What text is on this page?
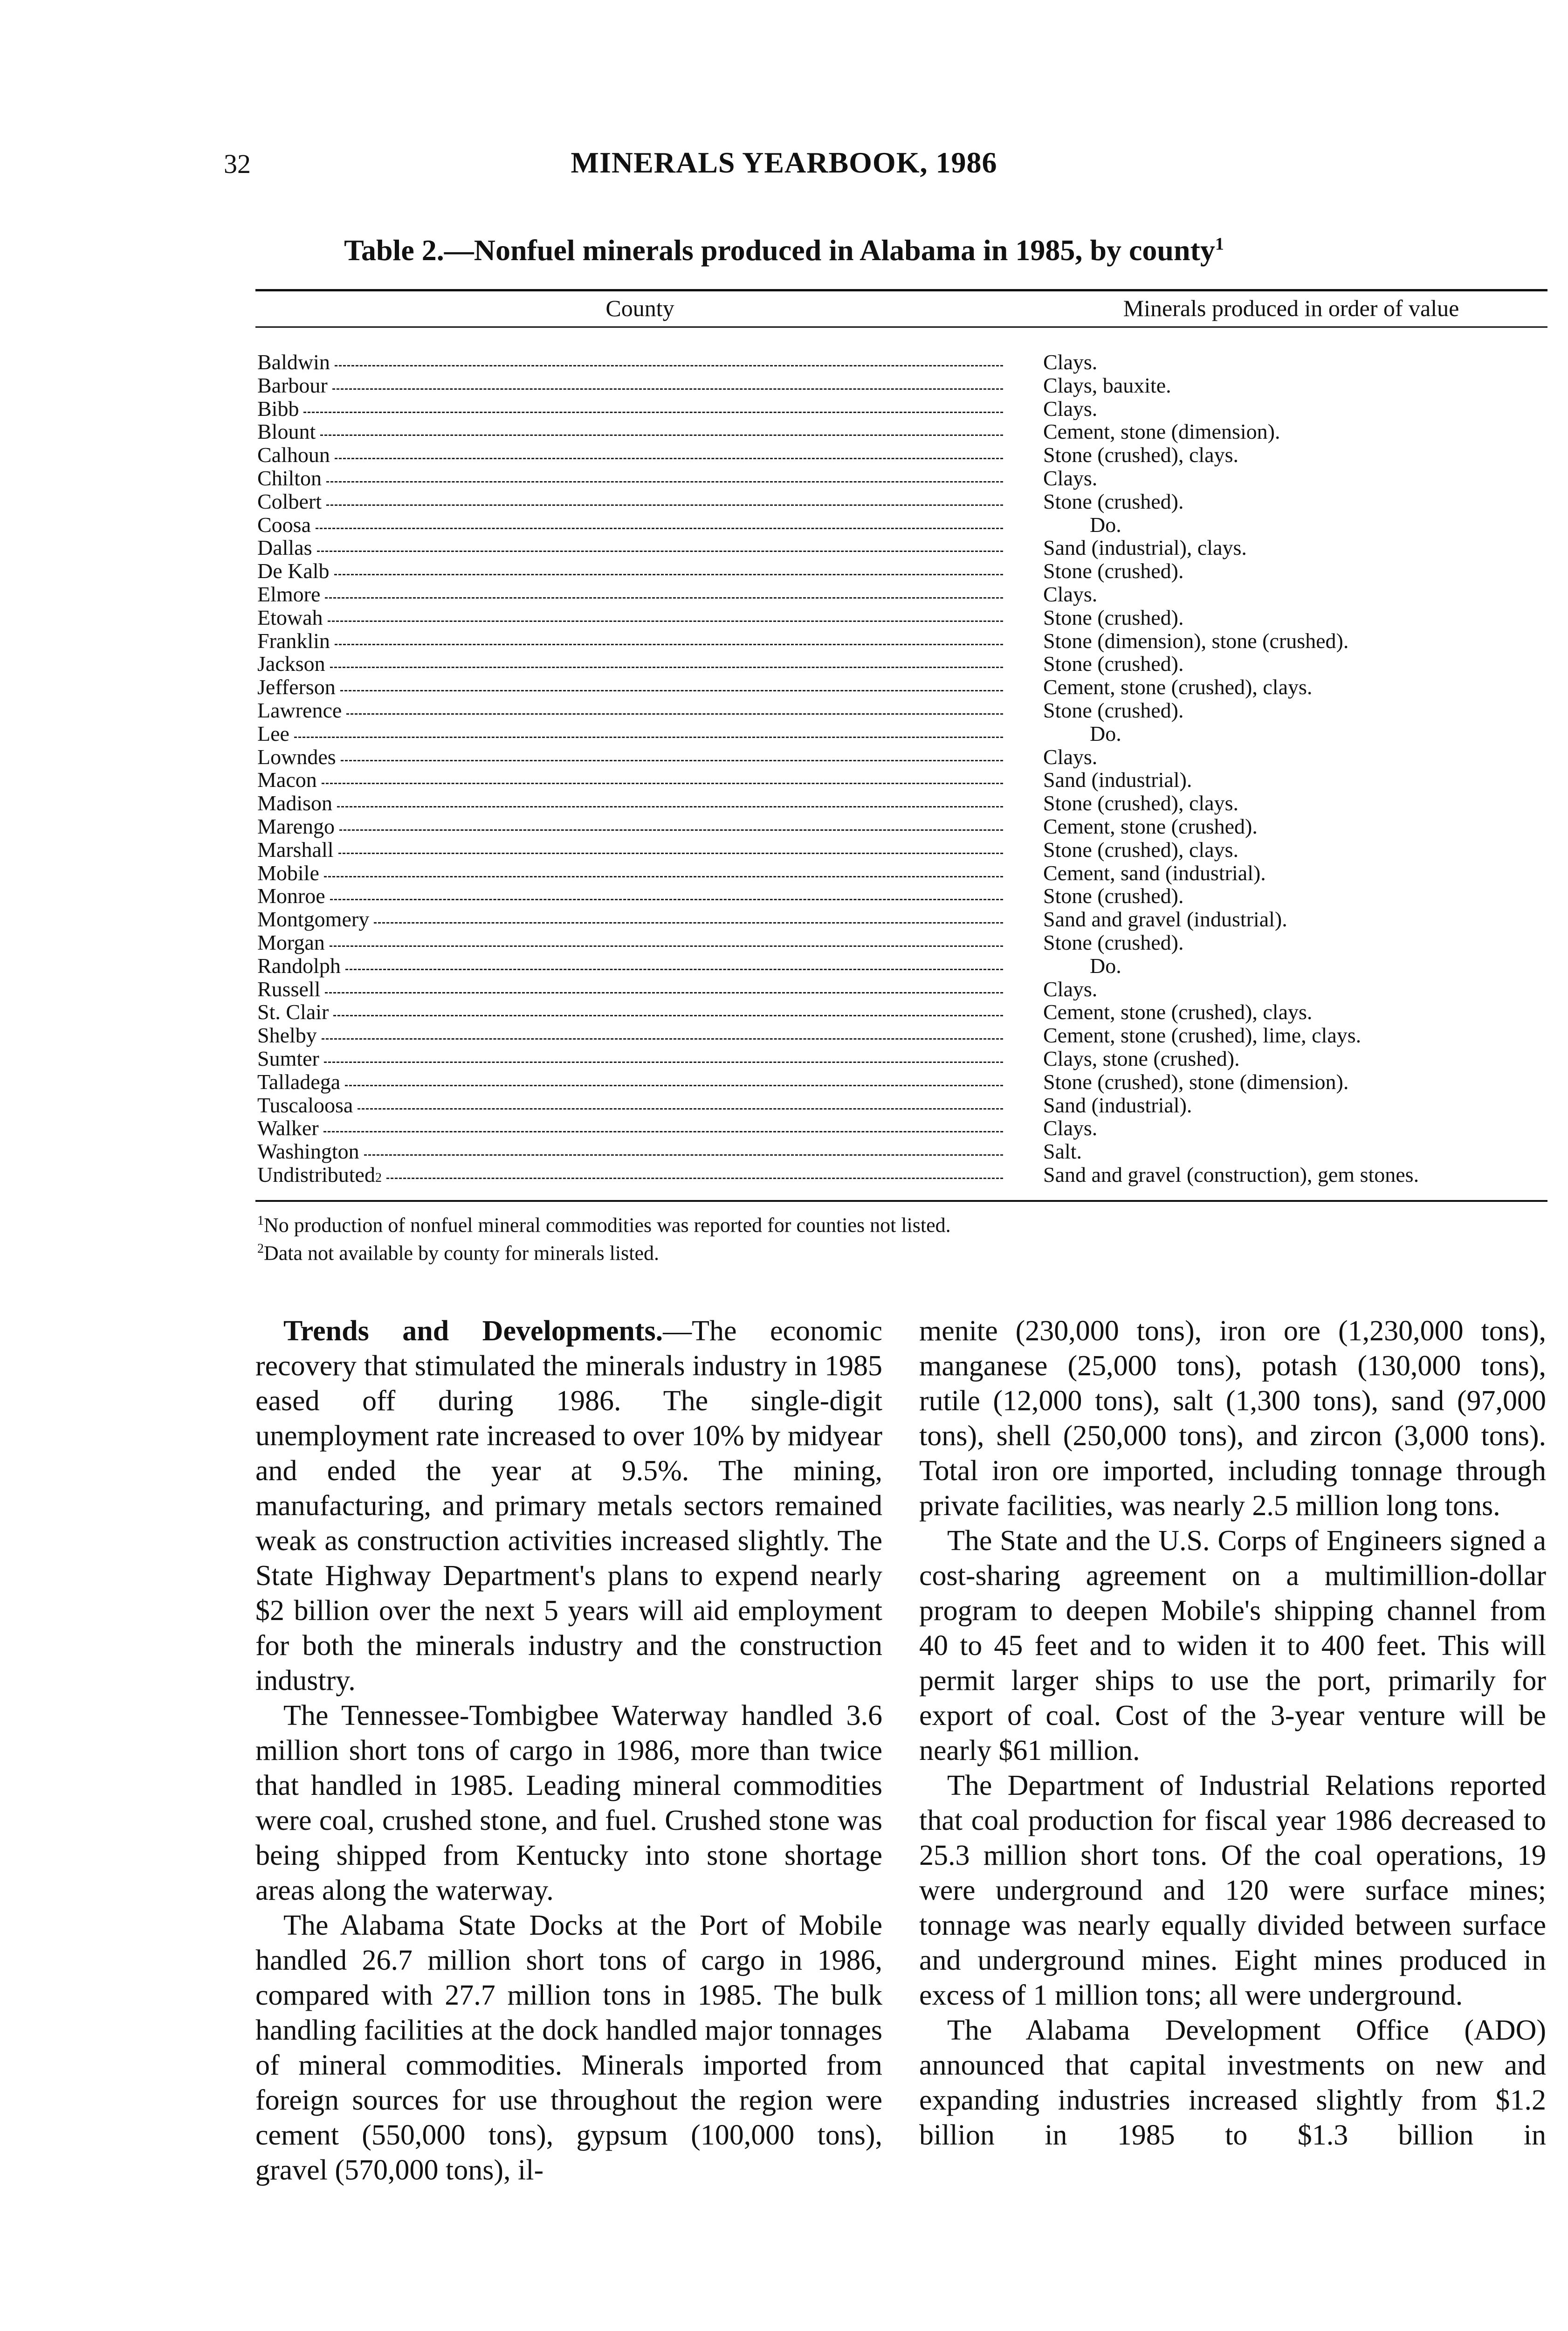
32	MINERALS YEARBOOK, 1986
Table 2.—Nonfuel minerals produced in Alabama in 1985, by county$^1$
County	Minerals produced in order of value
Baldwin
Barbour
Bibb
Blount
Calhoun
Chilton
Colbert
Coosa
Dallas
De Kalb
Elmore
Etowah
Franklin
Jackson
Jefferson
Lawrence
Lee
Lowndes
Macon
Madison
Marengo
Marshall
Mobile
Monroe
Montgomery
Morgan
Randolph
Russell
St. Clair
Shelby
Sumter
Talladega
Tuscaloosa
Walker
Washington
Undistributed 2
Clays.
Clays, bauxite.
Clays.
Cement, stone (dimension).
Stone (crushed), clays.
Clays.
Stone (crushed).
Do.
Sand (industrial), clays.
Stone (crushed).
Clays.
Stone (crushed).
Stone (dimension), stone (crushed).
Stone (crushed).
Cement, stone (crushed), clays.
Stone (crushed).
Do.
Clays.
Sand (industrial).
Stone (crushed), clays.
Cement, stone (crushed).
Stone (crushed), clays.
Cement, sand (industrial).
Stone (crushed).
Sand and gravel (industrial).
Stone (crushed).
Do.
Clays.
Cement, stone (crushed), clays.
Cement, stone (crushed), lime, clays.
Clays, stone (crushed).
Stone (crushed), stone (dimension).
Sand (industrial).
Clays.
Salt.
Sand and gravel (construction), gem stones.

$^1$No production of nonfuel mineral commodities was reported for counties not listed.

$^2$Data not available by county for minerals listed.

Trends and Developments.—The economic recovery that stimulated the minerals industry in 1985 eased off during 1986. The single-digit unemployment rate increased to over 10% by midyear and ended the year at 9.5%. The mining, manufacturing, and primary metals sectors remained weak as construction activities increased slightly. The State Highway Department's plans to expend nearly $2 billion over the next 5 years will aid employment for both the minerals industry and the construction industry.

The Tennessee-Tombigbee Waterway handled 3.6 million short tons of cargo in 1986, more than twice that handled in 1985. Leading mineral commodities were coal, crushed stone, and fuel. Crushed stone was being shipped from Kentucky into stone shortage areas along the waterway.

The Alabama State Docks at the Port of Mobile handled 26.7 million short tons of cargo in 1986, compared with 27.7 million tons in 1985. The bulk handling facilities at the dock handled major tonnages of mineral commodities. Minerals imported from foreign sources for use throughout the region were cement (550,000 tons), gypsum (100,000 tons), gravel (570,000 tons), il-

menite (230,000 tons), iron ore (1,230,000 tons), manganese (25,000 tons), potash (130,000 tons), rutile (12,000 tons), salt (1,300 tons), sand (97,000 tons), shell (250,000 tons), and zircon (3,000 tons). Total iron ore imported, including tonnage through private facilities, was nearly 2.5 million long tons.

The State and the U.S. Corps of Engineers signed a cost-sharing agreement on a multimillion-dollar program to deepen Mobile's shipping channel from 40 to 45 feet and to widen it to 400 feet. This will permit larger ships to use the port, primarily for export of coal. Cost of the 3-year venture will be nearly $61 million.

The Department of Industrial Relations reported that coal production for fiscal year 1986 decreased to 25.3 million short tons. Of the coal operations, 19 were underground and 120 were surface mines; tonnage was nearly equally divided between surface and underground mines. Eight mines produced in excess of 1 million tons; all were underground.

The Alabama Development Office (ADO) announced that capital investments on new and expanding industries increased slightly from $1.2 billion in 1985 to $1.3 billion in
